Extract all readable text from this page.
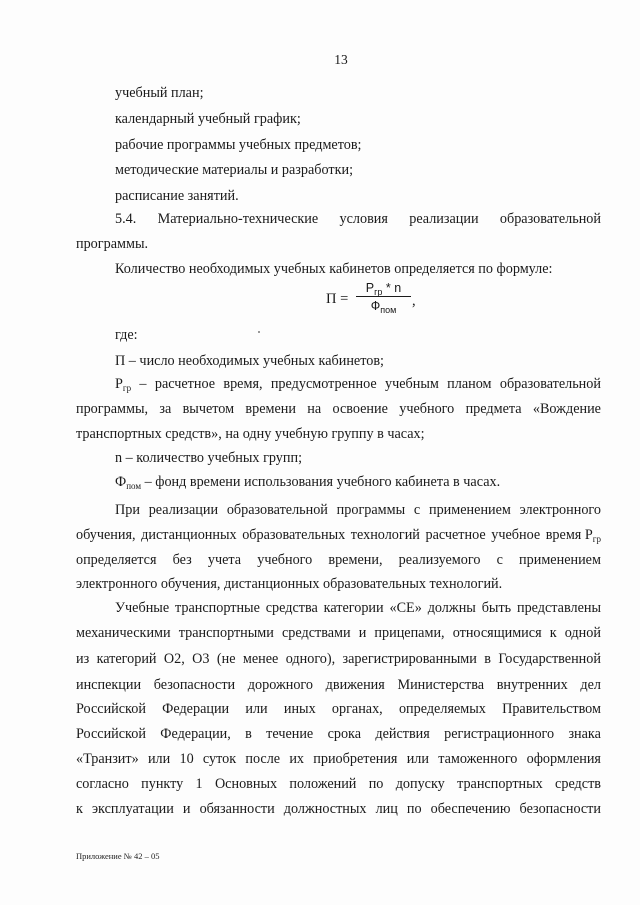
13
учебный план;
календарный учебный график;
рабочие программы учебных предметов;
методические материалы и разработки;
расписание занятий.
5.4. Материально-технические условия реализации образовательной
программы.
Количество необходимых учебных кабинетов определяется по формуле:
П =
$Р_{гр}$ * n
$Ф_{пом}$
,
где:
П – число необходимых учебных кабинетов;
$Р_{гр}$ – расчетное время, предусмотренное учебным планом образовательной
программы, за вычетом времени на освоение учебного предмета «Вождение
транспортных средств», на одну учебную группу в часах;
n – количество учебных групп;
$Ф_{пом}$ – фонд времени использования учебного кабинета в часах.
При реализации образовательной программы с применением электронного
обучения, дистанционных образовательных технологий расчетное учебное время $Р_{гр}$
определяется без учета учебного времени, реализуемого с применением
электронного обучения, дистанционных образовательных технологий.
Учебные транспортные средства категории «СЕ» должны быть представлены
механическими транспортными средствами и прицепами, относящимися к одной
из категорий О2, О3 (не менее одного), зарегистрированными в Государственной
инспекции безопасности дорожного движения Министерства внутренних дел
Российской Федерации или иных органах, определяемых Правительством
Российской Федерации, в течение срока действия регистрационного знака
«Транзит» или 10 суток после их приобретения или таможенного оформления
согласно пункту 1 Основных положений по допуску транспортных средств
к эксплуатации и обязанности должностных лиц по обеспечению безопасности
Приложение № 42 – 05
